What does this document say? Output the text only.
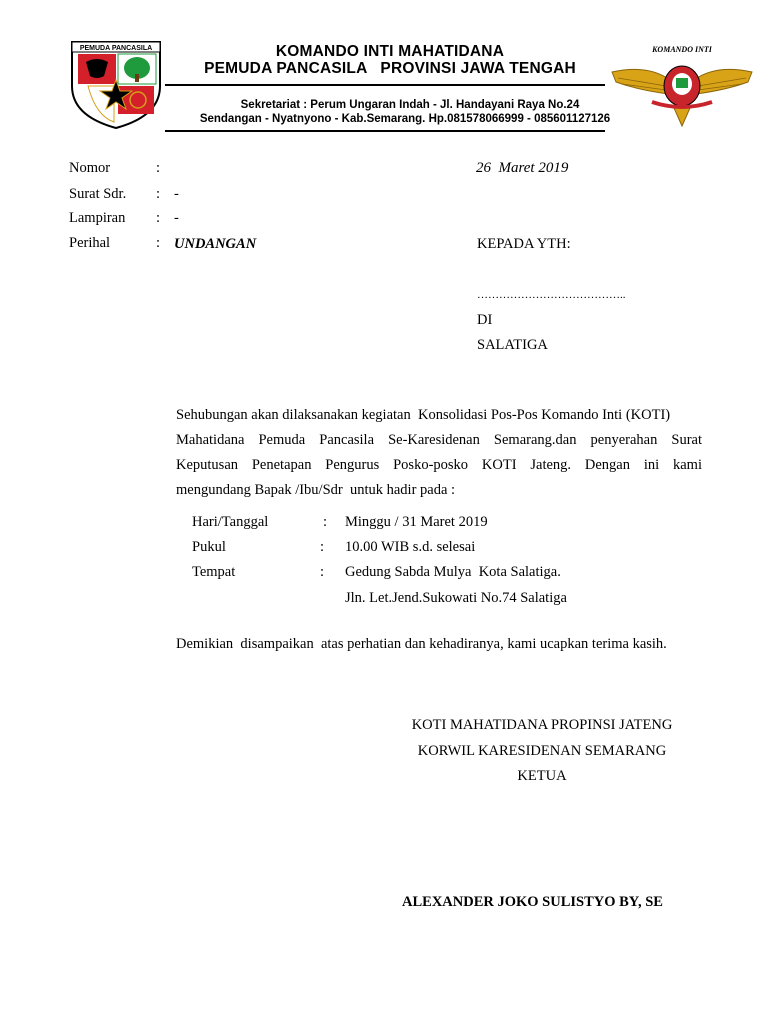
PEMUDA PANCASILA	KOMANDO INTI
KOMANDO INTI MAHATIDANA
PEMUDA PANCASILA   PROVINSI JAWA TENGAH
Sekretariat : Perum Ungaran Indah - Jl. Handayani Raya No.24
Sendangan - Nyatnyono - Kab.Semarang. Hp.081578066999 - 085601127126
Nomor	:
Surat Sdr. : -
Lampiran : -
Perihal	: UNDANGAN
26  Maret 2019
KEPADA YTH:
…………………………………..
DI
SALATIGA
Sehubungan akan dilaksanakan kegiatan  Konsolidasi Pos-Pos Komando Inti (KOTI)
Mahatidana Pemuda Pancasila Se-Karesidenan Semarang.dan penyerahan Surat
Keputusan Penetapan Pengurus Posko-posko KOTI Jateng. Dengan ini kami
mengundang Bapak /Ibu/Sdr  untuk hadir pada :
Hari/Tanggal	: Minggu / 31 Maret 2019
Pukul	: 10.00 WIB s.d. selesai
Tempat	: Gedung Sabda Mulya  Kota Salatiga.
Jln. Let.Jend.Sukowati No.74 Salatiga
Demikian  disampaikan  atas perhatian dan kehadiranya, kami ucapkan terima kasih.
KOTI MAHATIDANA PROPINSI JATENG
KORWIL KARESIDENAN SEMARANG
KETUA
ALEXANDER JOKO SULISTYO BY, SE
